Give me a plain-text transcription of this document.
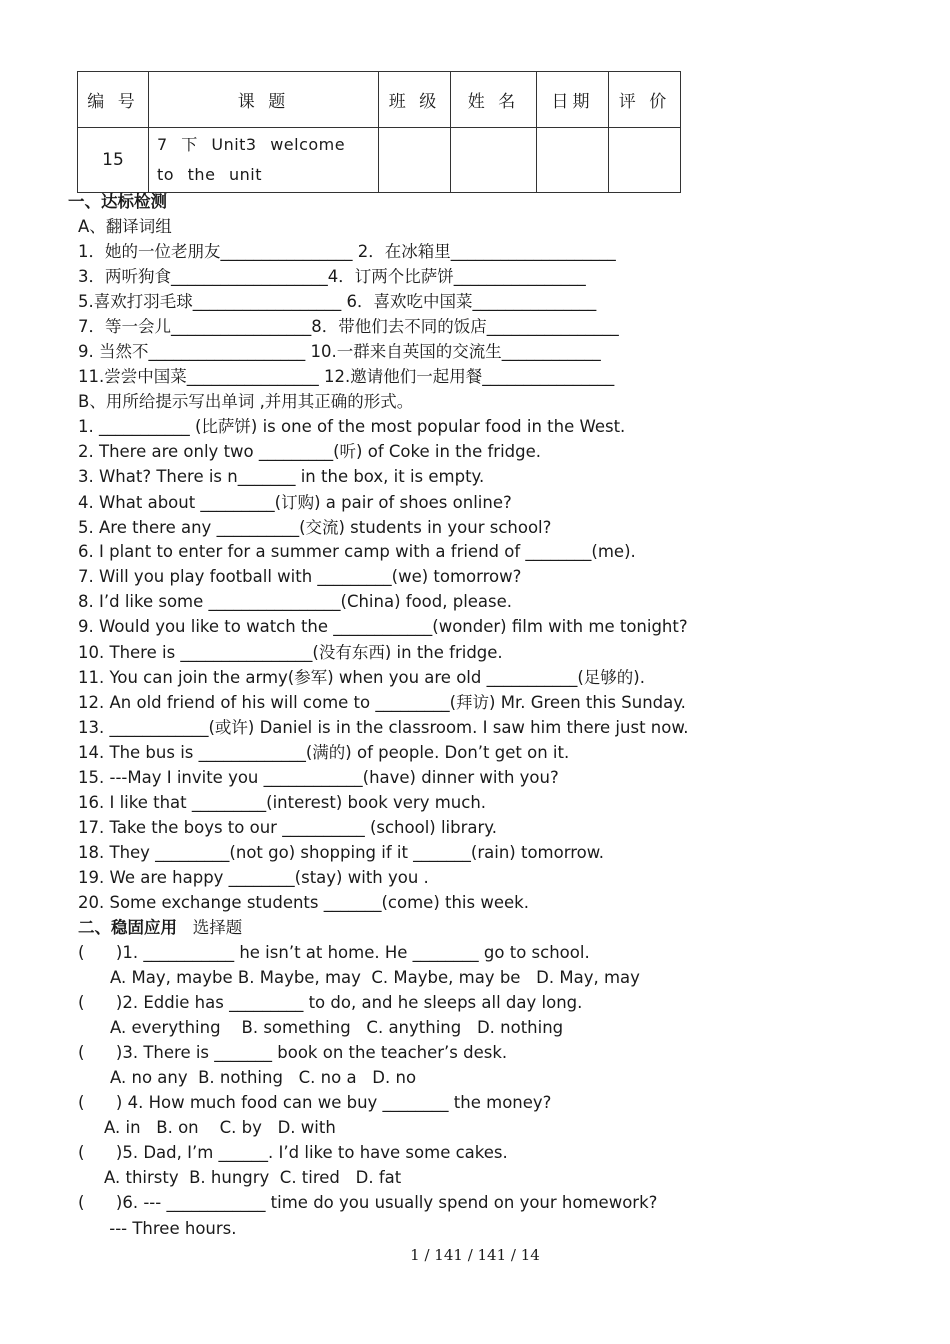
编 号	课 题	班 级	姓 名	日期	评 价
15	7 下 Unit3 welcome to the unit				
一、达标检测
A、翻译词组
1．她的一位老朋友________________ 2．在冰箱里____________________
3．两听狗食___________________4．订两个比萨饼________________
5.喜欢打羽毛球__________________ 6．喜欢吃中国菜_______________
7．等一会儿_________________8．带他们去不同的饭店________________
9. 当然不___________________ 10.一群来自英国的交流生____________
11.尝尝中国菜________________ 12.邀请他们一起用餐________________
B、用所给提示写出单词 ,并用其正确的形式。
1. ___________ (比萨饼) is one of the most popular food in the West.
2. There are only two _________(听) of Coke in the fridge.
3. What? There is n_______ in the box, it is empty.
4. What about _________(订购) a pair of shoes online?
5. Are there any __________(交流) students in your school?
6. I plant to enter for a summer camp with a friend of ________(me).
7. Will you play football with _________(we) tomorrow?
8. I’d like some ________________(China) food, please.
9. Would you like to watch the ____________(wonder) film with me tonight?
10. There is ________________(没有东西) in the fridge.
11. You can join the army(参军) when you are old ___________(足够的).
12. An old friend of his will come to _________(拜访) Mr. Green this Sunday.
13. ____________(或许) Daniel is in the classroom. I saw him there just now.
14. The bus is _____________(满的) of people. Don’t get on it.
15. ---May I invite you ____________(have) dinner with you?
16. I like that _________(interest) book very much.
17. Take the boys to our __________ (school) library.
18. They _________(not go) shopping if it _______(rain) tomorrow.
19. We are happy ________(stay) with you .
20. Some exchange students _______(come) this week.
二、稳固应用 选择题
(      )1. ___________ he isn’t at home. He ________ go to school.
A. May, maybe B. Maybe, may  C. Maybe, may be   D. May, may
(      )2. Eddie has _________ to do, and he sleeps all day long.
A. everything    B. something   C. anything   D. nothing
(      )3. There is _______ book on the teacher’s desk.
A. no any  B. nothing   C. no a   D. no
(      ) 4. How much food can we buy ________ the money?
A. in   B. on    C. by   D. with
(      )5. Dad, I’m ______. I’d like to have some cakes.
A. thirsty  B. hungry  C. tired   D. fat
(      )6. --- ____________ time do you usually spend on your homework?
--- Three hours.
1 / 141 / 141 / 14
